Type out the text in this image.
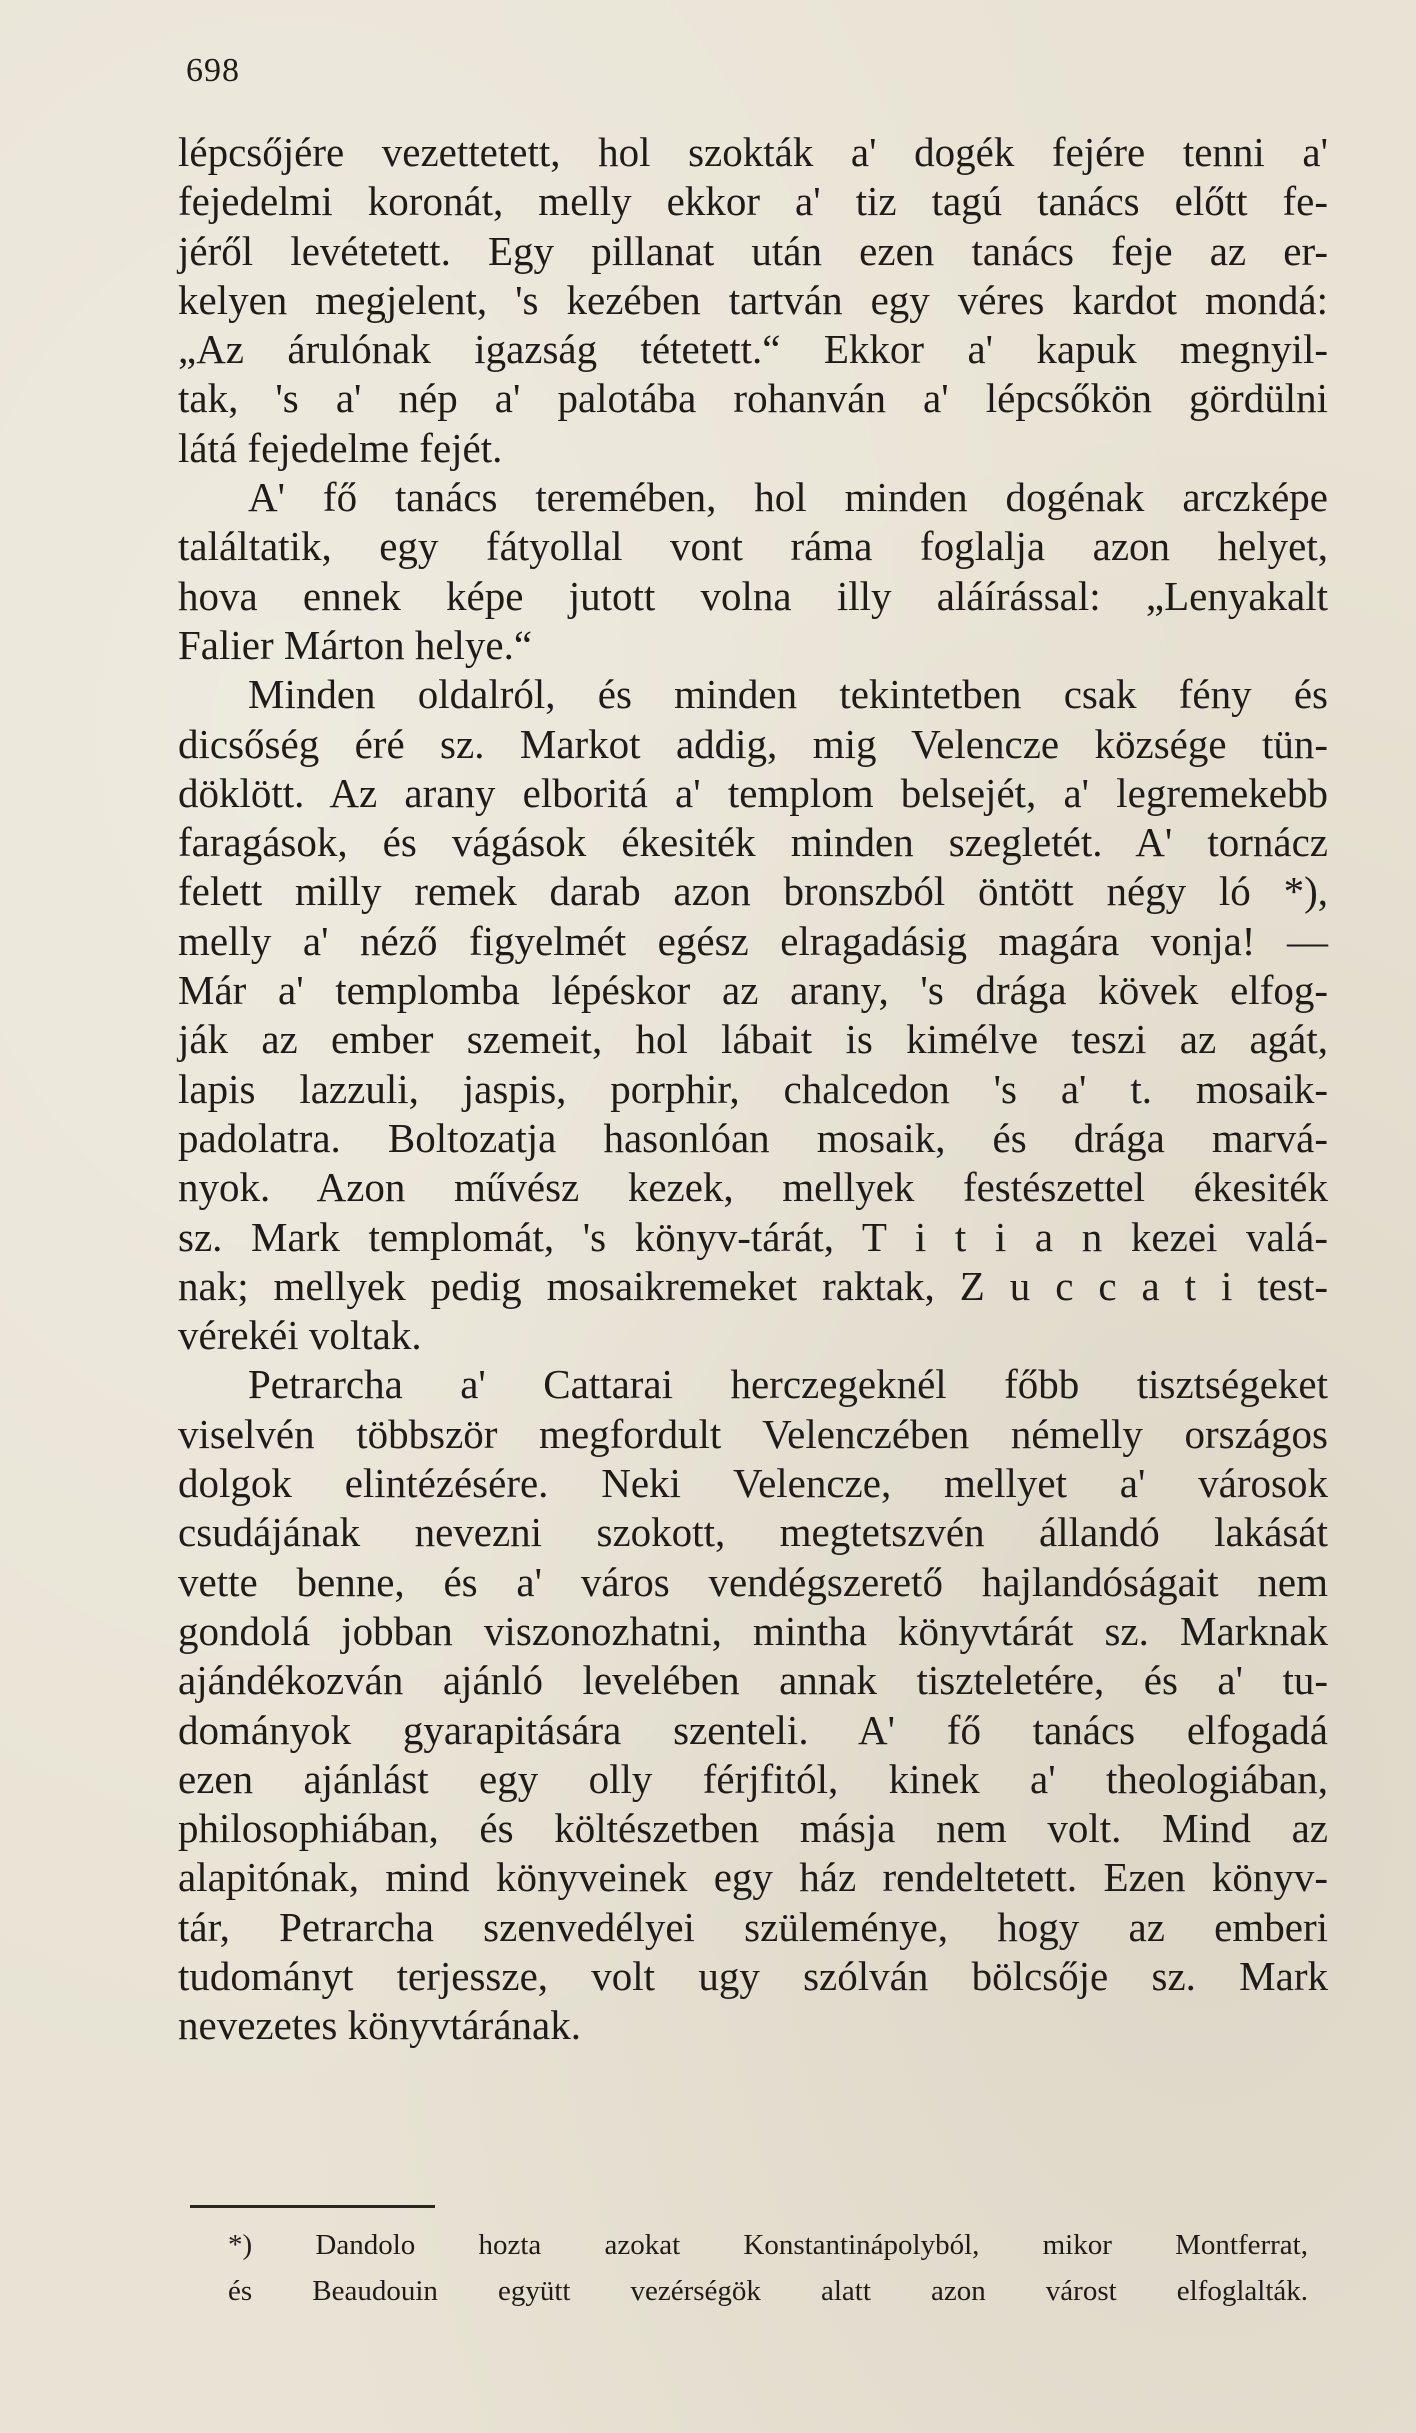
698
lépcsőjére vezettetett, hol szokták a' dogék fejére tenni a'
fejedelmi koronát, melly ekkor a' tiz tagú tanács előtt fe-
jéről levétetett. Egy pillanat után ezen tanács feje az er-
kelyen megjelent, 's kezében tartván egy véres kardot mondá:
„Az árulónak igazság tétetett.“ Ekkor a' kapuk megnyil-
tak, 's a' nép a' palotába rohanván a' lépcsőkön gördülni
látá fejedelme fejét.
A' fő tanács teremében, hol minden dogénak arczképe
találtatik, egy fátyollal vont ráma foglalja azon helyet,
hova ennek képe jutott volna illy aláírással: „Lenyakalt
Falier Márton helye.“
Minden oldalról, és minden tekintetben csak fény és
dicsőség éré sz. Markot addig, mig Velencze községe tün-
döklött. Az arany elboritá a' templom belsejét, a' legremekebb
faragások, és vágások ékesiték minden szegletét. A' tornácz
felett milly remek darab azon bronszból öntött négy ló *),
melly a' néző figyelmét egész elragadásig magára vonja! —
Már a' templomba lépéskor az arany, 's drága kövek elfog-
ják az ember szemeit, hol lábait is kimélve teszi az agát,
lapis lazzuli, jaspis, porphir, chalcedon 's a' t. mosaik-
padolatra. Boltozatja hasonlóan mosaik, és drága marvá-
nyok. Azon művész kezek, mellyek festészettel ékesiték
sz. Mark templomát, 's könyv-tárát, T i t i a n kezei valá-
nak; mellyek pedig mosaikremeket raktak, Z u c c a t i test-
vérekéi voltak.
Petrarcha a' Cattarai herczegeknél főbb tisztségeket
viselvén többször megfordult Velenczében némelly országos
dolgok elintézésére. Neki Velencze, mellyet a' városok
csudájának nevezni szokott, megtetszvén állandó lakását
vette benne, és a' város vendégszerető hajlandóságait nem
gondolá jobban viszonozhatni, mintha könyvtárát sz. Marknak
ajándékozván ajánló levelében annak tiszteletére, és a' tu-
dományok gyarapitására szenteli. A' fő tanács elfogadá
ezen ajánlást egy olly férjfitól, kinek a' theologiában,
philosophiában, és költészetben másja nem volt. Mind az
alapitónak, mind könyveinek egy ház rendeltetett. Ezen könyv-
tár, Petrarcha szenvedélyei szüleménye, hogy az emberi
tudományt terjessze, volt ugy szólván bölcsője sz. Mark
nevezetes könyvtárának.
*) Dandolo hozta azokat Konstantinápolyból, mikor Montferrat,
és Beaudouin együtt vezérségök alatt azon várost elfoglalták.
